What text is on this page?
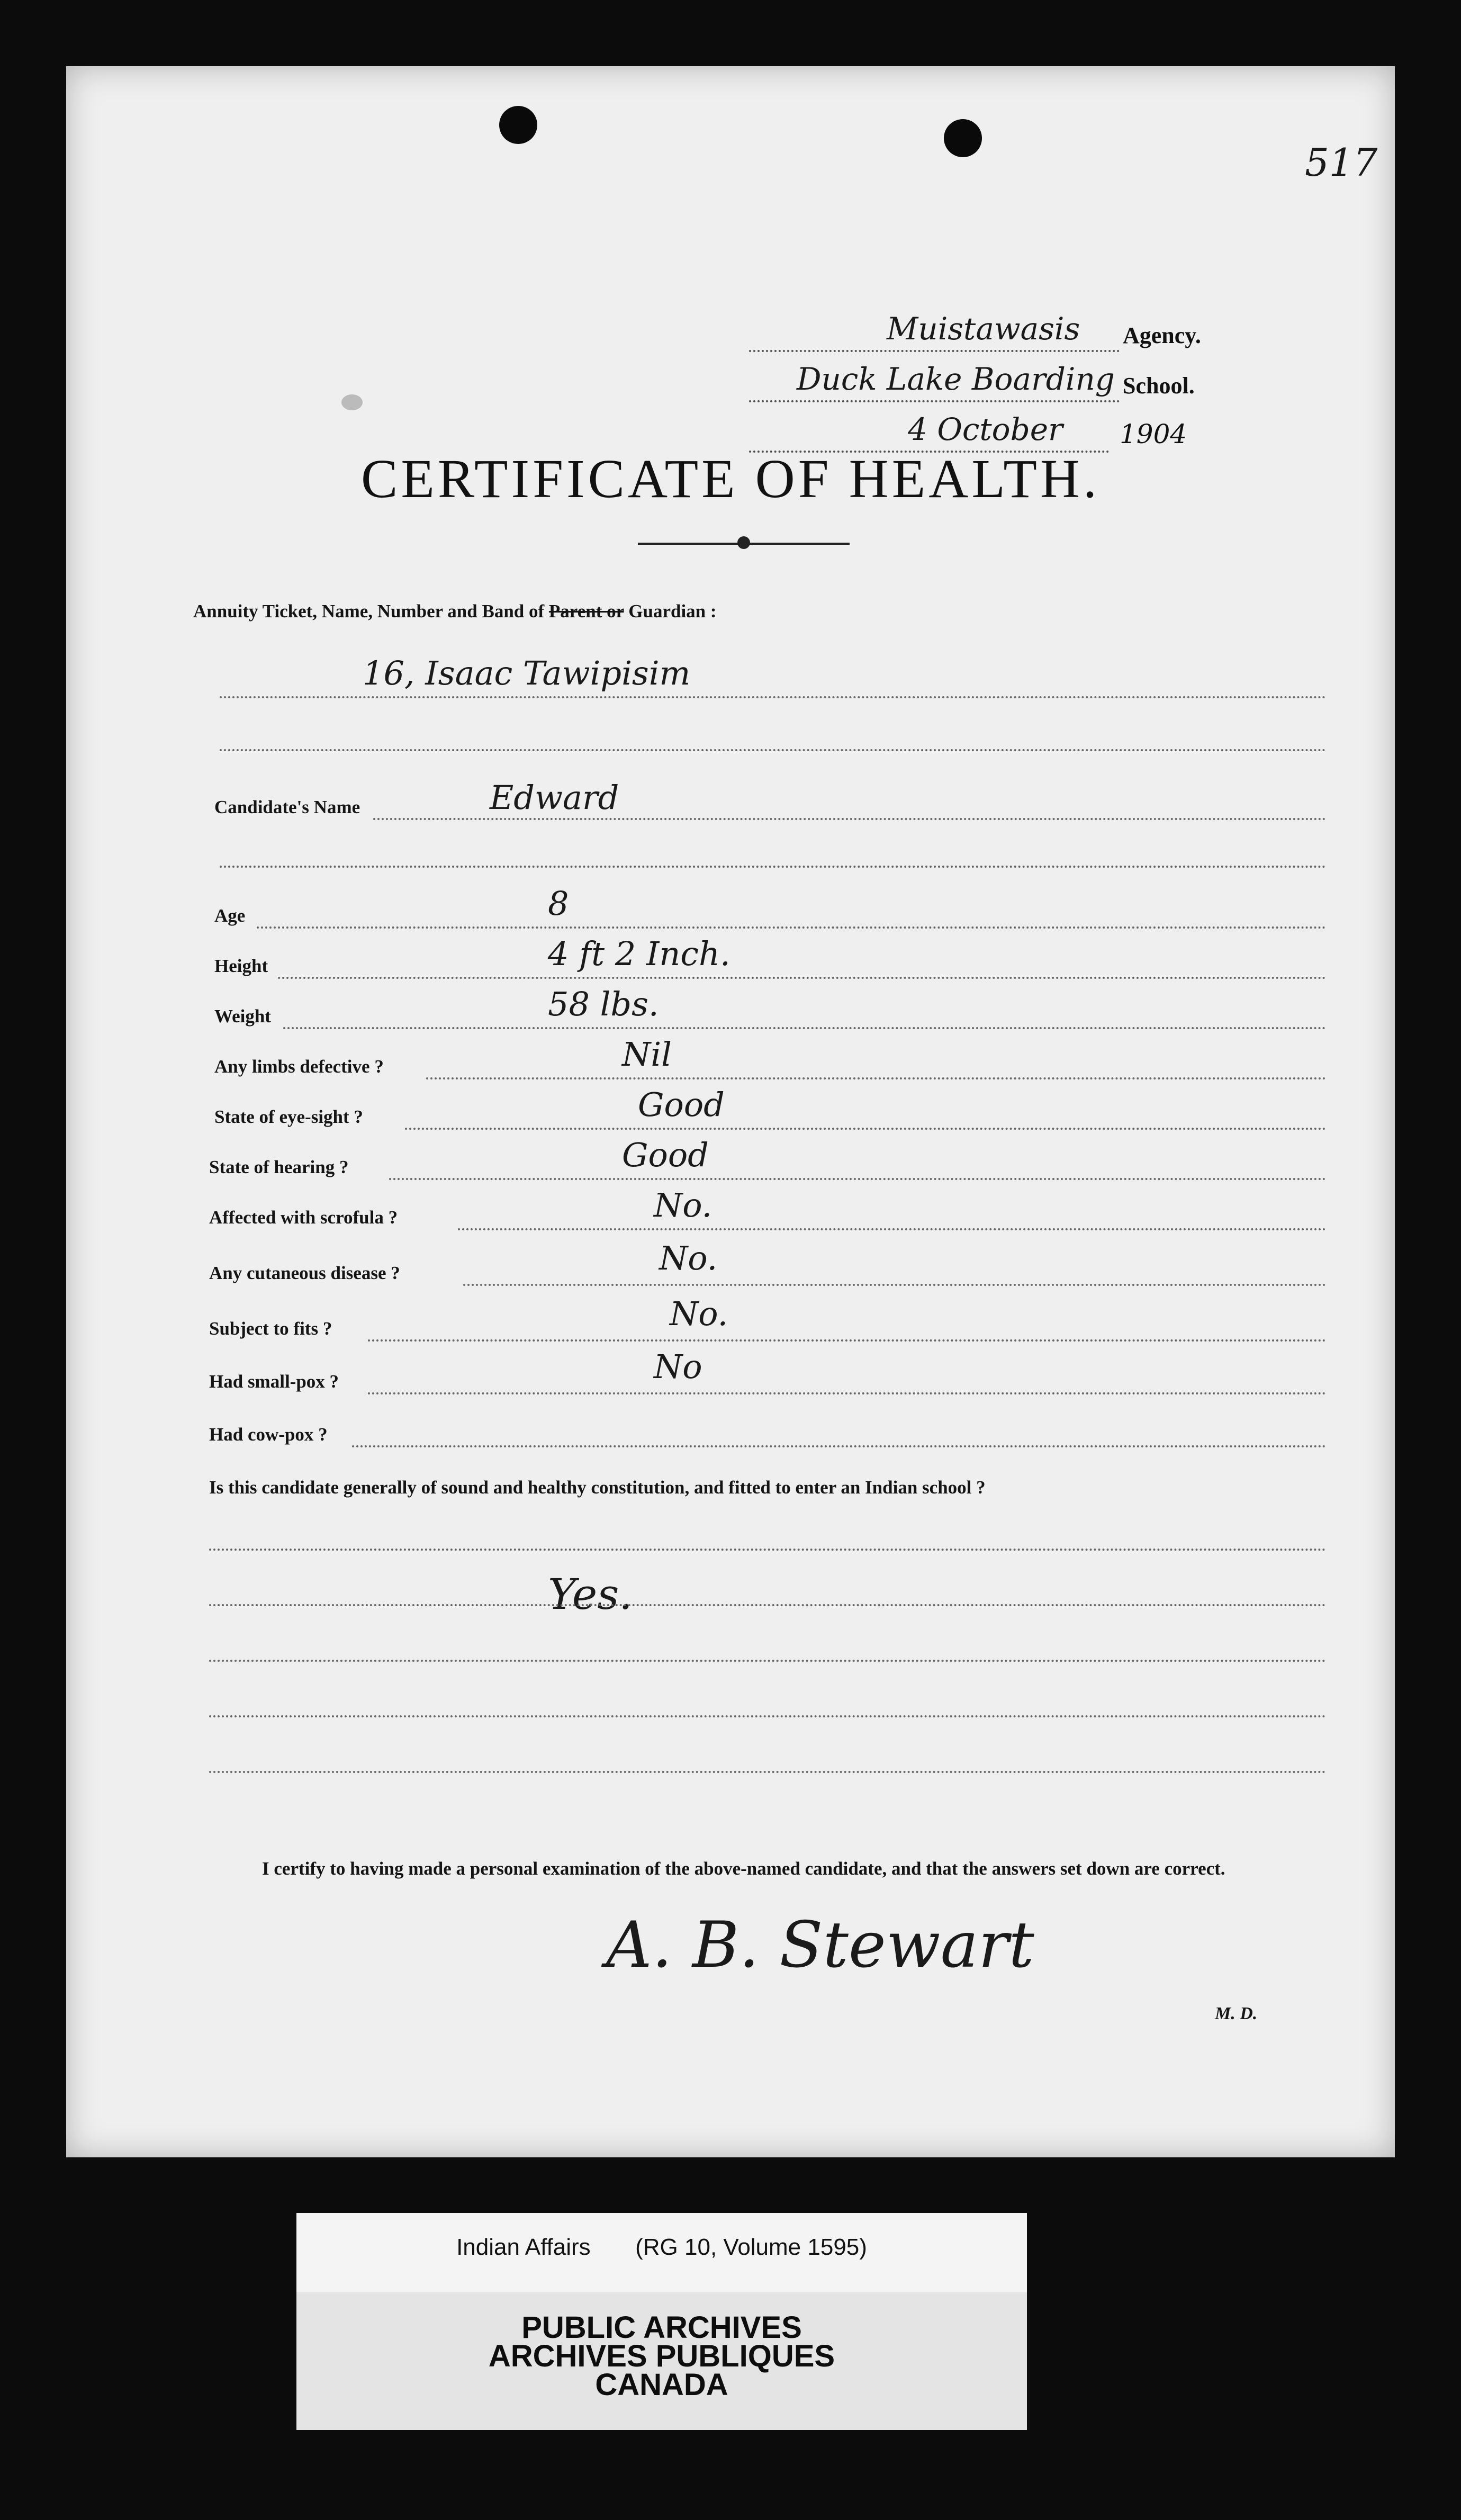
517
Muistawasis Agency.
Duck Lake Boarding School.
4 October	1904
CERTIFICATE OF HEALTH.
Annuity Ticket, Name, Number and Band of Parent or Guardian :
16, Isaac Tawipisim
Candidate's Name	Edward
Age	8
Height	4 ft 2 Inch.
Weight	58 lbs.
Any limbs defective ?	Nil
State of eye-sight ?	Good
State of hearing ?	Good
Affected with scrofula ?	No.
Any cutaneous disease ?	No.
Subject to fits ?	No.
Had small-pox ?	No
Had cow-pox ?
Is this candidate generally of sound and healthy constitution, and fitted to enter an Indian school ?
Yes.
I certify to having made a personal examination of the above-named candidate, and that the answers set down are correct.
A. B. Stewart
M. D.
Indian Affairs (RG 10, Volume 1595)
PUBLIC ARCHIVES
ARCHIVES PUBLIQUES
CANADA
